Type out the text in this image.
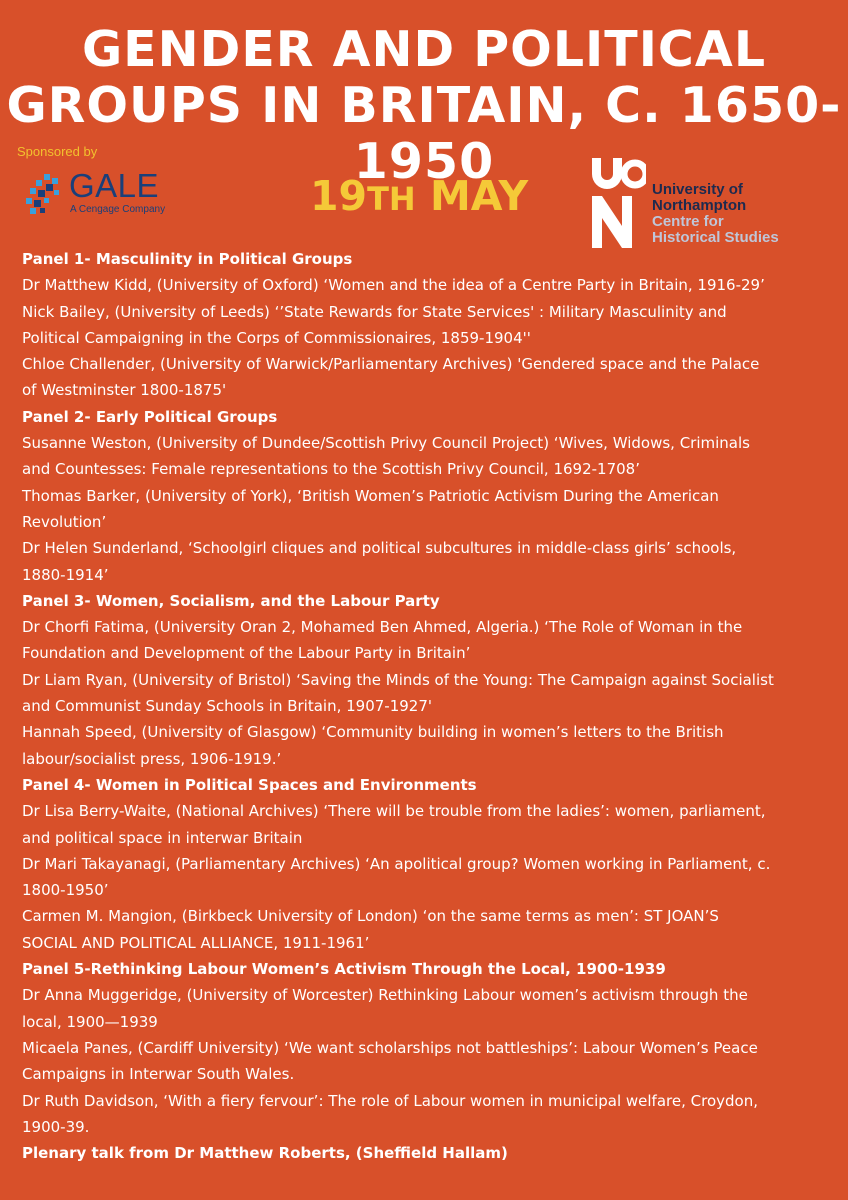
GENDER AND POLITICAL GROUPS IN BRITAIN, C. 1650-1950
Sponsored by
GALE
A Cengage Company	19TH MAY	University of
Northampton
Centre for
Historical Studies
Panel 1- Masculinity in Political Groups
Dr Matthew Kidd, (University of Oxford) ‘Women and the idea of a Centre Party in Britain, 1916-29’
Nick Bailey, (University of Leeds) ‘’State Rewards for State Services' : Military Masculinity and
Political Campaigning in the Corps of Commissionaires, 1859-1904''
Chloe Challender, (University of Warwick/Parliamentary Archives) 'Gendered space and the Palace
of Westminster 1800-1875'
Panel 2- Early Political Groups
Susanne Weston, (University of Dundee/Scottish Privy Council Project) ‘Wives, Widows, Criminals
and Countesses: Female representations to the Scottish Privy Council, 1692-1708’
Thomas Barker, (University of York), ‘British Women’s Patriotic Activism During the American
Revolution’
Dr Helen Sunderland, ‘Schoolgirl cliques and political subcultures in middle-class girls’ schools,
1880-1914’
Panel 3- Women, Socialism, and the Labour Party
Dr Chorfi Fatima, (University Oran 2, Mohamed Ben Ahmed, Algeria.) ‘The Role of Woman in the
Foundation and Development of the Labour Party in Britain’
Dr Liam Ryan, (University of Bristol) ‘Saving the Minds of the Young: The Campaign against Socialist
and Communist Sunday Schools in Britain, 1907-1927'
Hannah Speed, (University of Glasgow) ‘Community building in women’s letters to the British
labour/socialist press, 1906-1919.’
Panel 4- Women in Political Spaces and Environments
Dr Lisa Berry-Waite, (National Archives) ‘There will be trouble from the ladies’: women, parliament,
and political space in interwar Britain
Dr Mari Takayanagi, (Parliamentary Archives) ‘An apolitical group? Women working in Parliament, c.
1800-1950’
Carmen M. Mangion, (Birkbeck University of London) ‘on the same terms as men’: ST JOAN’S
SOCIAL AND POLITICAL ALLIANCE, 1911-1961’
Panel 5-Rethinking Labour Women’s Activism Through the Local, 1900-1939
Dr Anna Muggeridge, (University of Worcester) Rethinking Labour women’s activism through the
local, 1900—1939
Micaela Panes, (Cardiff University) ‘We want scholarships not battleships’: Labour Women’s Peace
Campaigns in Interwar South Wales.
Dr Ruth Davidson, ‘With a fiery fervour’: The role of Labour women in municipal welfare, Croydon,
1900-39.
Plenary talk from Dr Matthew Roberts, (Sheffield Hallam)
